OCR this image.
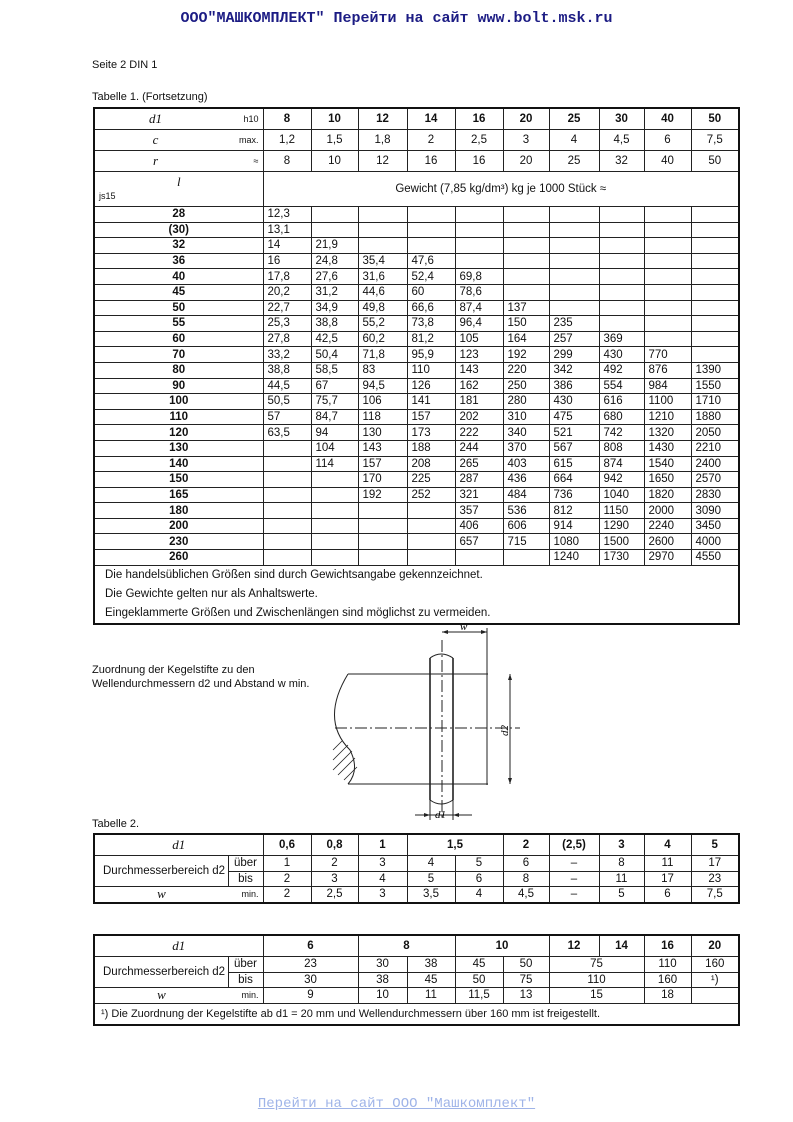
ООО"МАШКОМПЛЕКТ" Перейти на сайт www.bolt.msk.ru
Seite 2 DIN 1
Tabelle 1. (Fortsetzung)
d1	h10	8	10	12	14	16	20	25	30	40	50
c	max.	1,2	1,5	1,8	2	2,5	3	4	4,5	6	7,5
r	≈	8	10	12	16	16	20	25	32	40	50

l
js15		Gewicht (7,85 kg/dm³) kg je 1000 Stück ≈									
28		12,3									
(30)		13,1									
32		14	21,9								
36		16	24,8	35,4	47,6						
40		17,8	27,6	31,6	52,4	69,8					
45		20,2	31,2	44,6	60	78,6					
50		22,7	34,9	49,8	66,6	87,4	137				
55		25,3	38,8	55,2	73,8	96,4	150	235			
60		27,8	42,5	60,2	81,2	105	164	257	369		
70		33,2	50,4	71,8	95,9	123	192	299	430	770	
80		38,8	58,5	83	110	143	220	342	492	876	1390
90		44,5	67	94,5	126	162	250	386	554	984	1550
100		50,5	75,7	106	141	181	280	430	616	1100	1710
110		57	84,7	118	157	202	310	475	680	1210	1880
120		63,5	94	130	173	222	340	521	742	1320	2050
130			104	143	188	244	370	567	808	1430	2210
140			114	157	208	265	403	615	874	1540	2400
150				170	225	287	436	664	942	1650	2570
165				192	252	321	484	736	1040	1820	2830
180						357	536	812	1150	2000	3090
200						406	606	914	1290	2240	3450
230						657	715	1080	1500	2600	4000
260								1240	1730	2970	4550
Die handelsüblichen Größen sind durch Gewichtsangabe gekennzeichnet.											
Die Gewichte gelten nur als Anhaltswerte.											
Eingeklammerte Größen und Zwischenlängen sind möglichst zu vermeiden.											
Zuordnung der Kegelstifte zu den Wellendurchmessern d2 und Abstand w min.
w
d2
d1
Tabelle 2.
d1		0,6	0,8	1	1,5		2	(2,5)	3	4	5
Durchmesserbereich d2	über	1	2	3	4	5	6	–	8	11	17
	bis	2	3	4	5	6	8	–	11	17	23
w	min.	2	2,5	3	3,5	4	4,5	–	5	6	7,5
d1		6	8		10		12	14	16	20
Durchmesserbereich d2	über	23	30	38	45	50	75		110	160
	bis	30	38	45	50	75	110		160	¹)
w	min.	9	10	11	11,5	13	15		18	
¹) Die Zuordnung der Kegelstifte ab d1 = 20 mm und Wellendurchmessern über 160 mm ist freigestellt.										
Перейти на сайт ООО "Машкомплект"
